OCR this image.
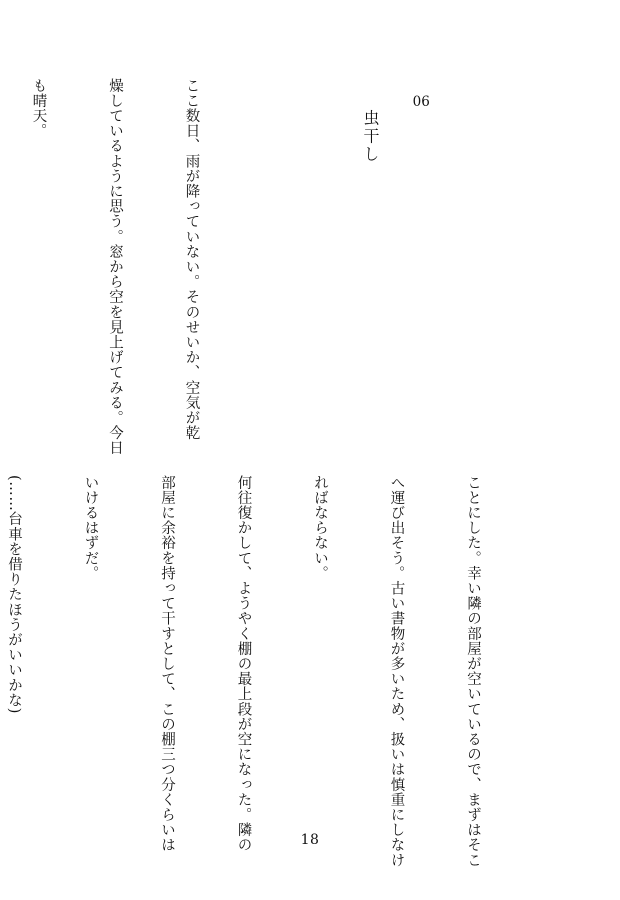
06

虫干し

ここ数日、雨が降っていない。そのせいか、空気が乾

燥しているように思う。窓から空を見上げてみる。今日

も晴天。

ことにした。幸い隣の部屋が空いているので、まずはそこ

へ運び出そう。古い書物が多いため、扱いは慎重にしなけ

ればならない。

何往復かして、ようやく棚の最上段が空になった。隣の

部屋に余裕を持って干すとして、この棚三つ分くらいは

いけるはずだ。

(……台車を借りたほうがいいかな)

18
